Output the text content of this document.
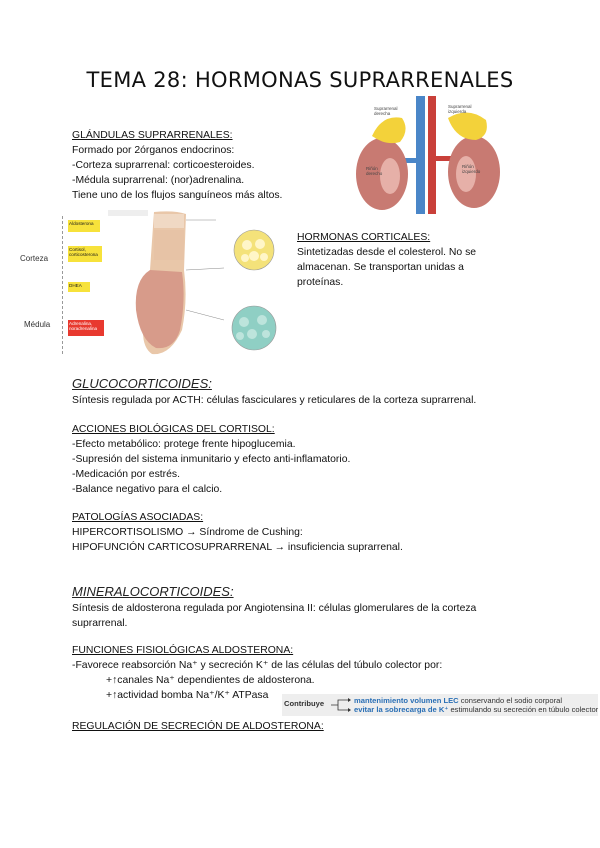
TEMA 28: HORMONAS SUPRARRENALES
GLÁNDULAS SUPRARRENALES:
Formado por 2órganos endocrinos:
-Corteza suprarrenal: corticoesteroides.
-Médula suprarrenal: (nor)adrenalina.
Tiene uno de los flujos sanguíneos más altos.
Suprarrenal derecha
Suprarrenal izquierda
Riñón derecho
Riñón izquierdo
Corteza
Médula
Aldosterona
Cortisol, corticosterona
DHEA
Adrenalina, noradrenalina
HORMONAS CORTICALES:
Sintetizadas desde el colesterol. No se
almacenan. Se transportan unidas a
proteínas.
GLUCOCORTICOIDES:
Síntesis regulada por ACTH: células fasciculares y reticulares de la corteza suprarrenal.
ACCIONES BIOLÓGICAS DEL CORTISOL:
-Efecto metabólico: protege frente hipoglucemia.
-Supresión del sistema inmunitario y efecto anti-inflamatorio.
-Medicación por estrés.
-Balance negativo para el calcio.
PATOLOGÍAS ASOCIADAS:
HIPERCORTISOLISMO → Síndrome de Cushing:
HIPOFUNCIÓN CARTICOSUPRARRENAL → insuficiencia suprarrenal.
MINERALOCORTICOIDES:
Síntesis de aldosterona regulada por Angiotensina II: células glomerulares de la corteza
suprarrenal.
FUNCIONES FISIOLÓGICAS ALDOSTERONA:
-Favorece reabsorción Na⁺ y secreción K⁺ de las células del túbulo colector por:
+↑canales Na⁺ dependientes de aldosterona.
+↑actividad bomba Na⁺/K⁺ ATPasa
Contribuye	mantenimiento volumen LEC conservando el sodio corporal
evitar la sobrecarga de K⁺ estimulando su secreción en túbulo colector
REGULACIÓN DE SECRECIÓN DE ALDOSTERONA:
